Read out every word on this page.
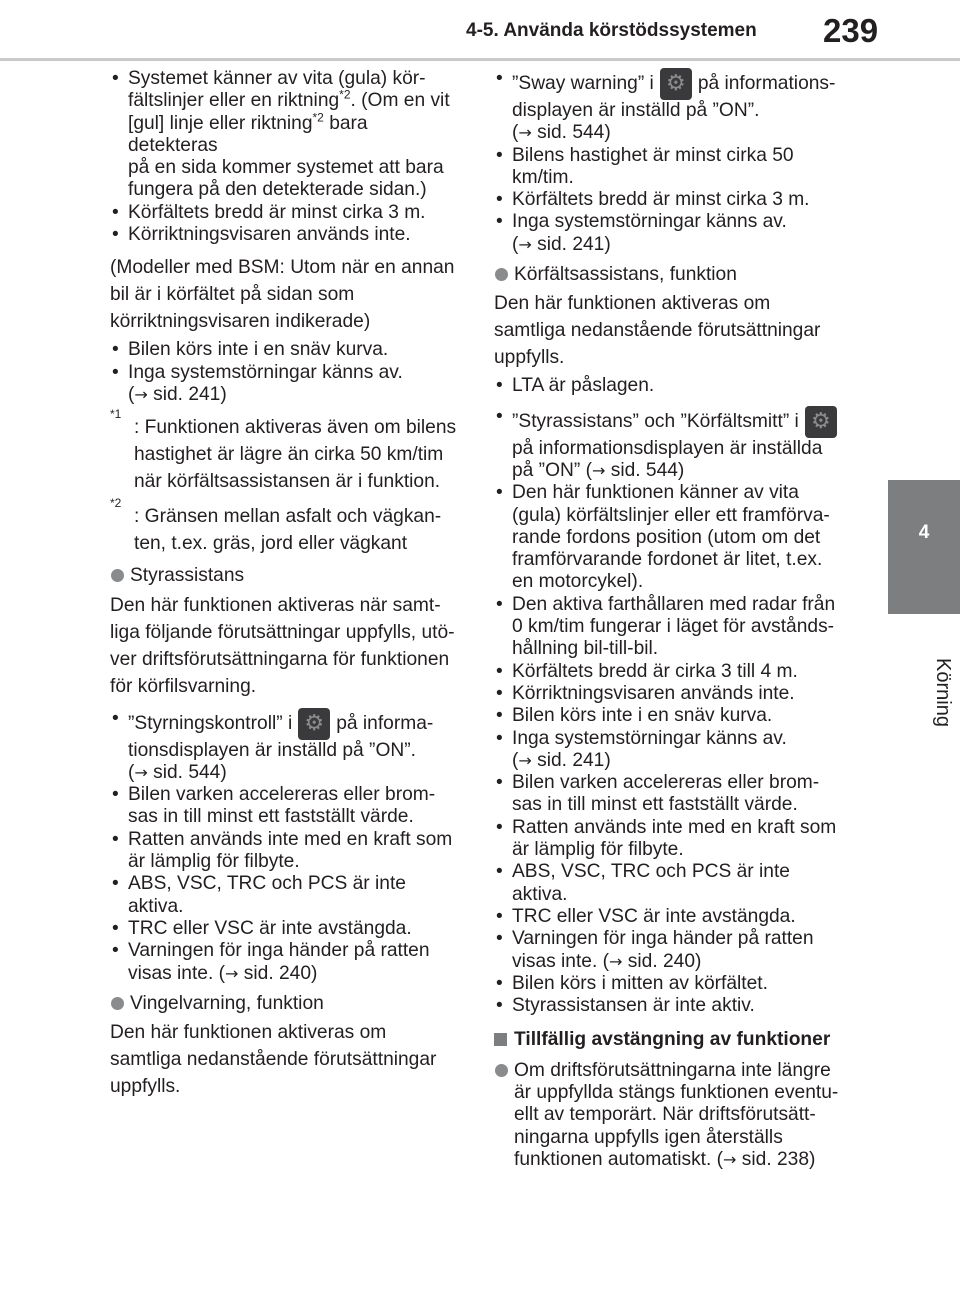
4-5. Använda körstödssystemen 239
4
Körning
• Systemet känner av vita (gula) kör-
fältslinjer eller en riktning$^{*2}$. (Om en vit
[gul] linje eller riktning$^{*2}$ bara detekteras
på en sida kommer systemet att bara
fungera på den detekterade sidan.)
• Körfältets bredd är minst cirka 3 m.
• Körriktningsvisaren används inte.
(Modeller med BSM: Utom när en annan bil är i körfältet på sidan som körriktningsvisaren indikerade)
• Bilen körs inte i en snäv kurva.
• Inga systemstörningar känns av.
(→ sid. 241)
*1
: Funktionen aktiveras även om bilens hastighet är lägre än cirka 50 km/tim när körfältsassistansen är i funktion.
*2
: Gränsen mellan asfalt och vägkan-ten, t.ex. gräs, jord eller vägkant
Styrassistans
Den här funktionen aktiveras när samt-liga följande förutsättningar uppfylls, utö-ver driftsförutsättningarna för funktionen för körfilsvarning.
• ”Styrningskontroll” i ⚙ på informa-
tionsdisplayen är inställd på ”ON”.
(→ sid. 544)
• Bilen varken accelereras eller brom-sas in till minst ett fastställt värde.
• Ratten används inte med en kraft som är lämplig för filbyte.
• ABS, VSC, TRC och PCS är inte aktiva.
• TRC eller VSC är inte avstängda.
• Varningen för inga händer på ratten
visas inte. (→ sid. 240)
Vingelvarning, funktion
Den här funktionen aktiveras om samtliga nedanstående förutsättningar uppfylls.
• ”Sway warning” i ⚙ på informations-
displayen är inställd på ”ON”.
(→ sid. 544)
• Bilens hastighet är minst cirka 50 km/tim.
• Körfältets bredd är minst cirka 3 m.
• Inga systemstörningar känns av.
(→ sid. 241)
Körfältsassistans, funktion
Den här funktionen aktiveras om samtliga nedanstående förutsättningar uppfylls.
• LTA är påslagen.
• ”Styrassistans” och ”Körfältsmitt” i⚙
på informationsdisplayen är inställda
på ”ON” (→ sid. 544)
• Den här funktionen känner av vita (gula) körfältslinjer eller ett framförva-rande fordons position (utom om det framförvarande fordonet är litet, t.ex. en motorcykel).
• Den aktiva farthållaren med radar från 0 km/tim fungerar i läget för avstånds-hållning bil-till-bil.
• Körfältets bredd är cirka 3 till 4 m.
• Körriktningsvisaren används inte.
• Bilen körs inte i en snäv kurva.
• Inga systemstörningar känns av.
(→ sid. 241)
• Bilen varken accelereras eller brom-sas in till minst ett fastställt värde.
• Ratten används inte med en kraft som är lämplig för filbyte.
• ABS, VSC, TRC och PCS är inte aktiva.
• TRC eller VSC är inte avstängda.
• Varningen för inga händer på ratten
visas inte. (→ sid. 240)
• Bilen körs i mitten av körfältet.
• Styrassistansen är inte aktiv.
Tillfällig avstängning av funktioner
Om driftsförutsättningarna inte längre är uppfyllda stängs funktionen eventu-ellt av temporärt. När driftsförutsätt-ningarna uppfylls igen återställs funktionen automatiskt. (→ sid. 238)
